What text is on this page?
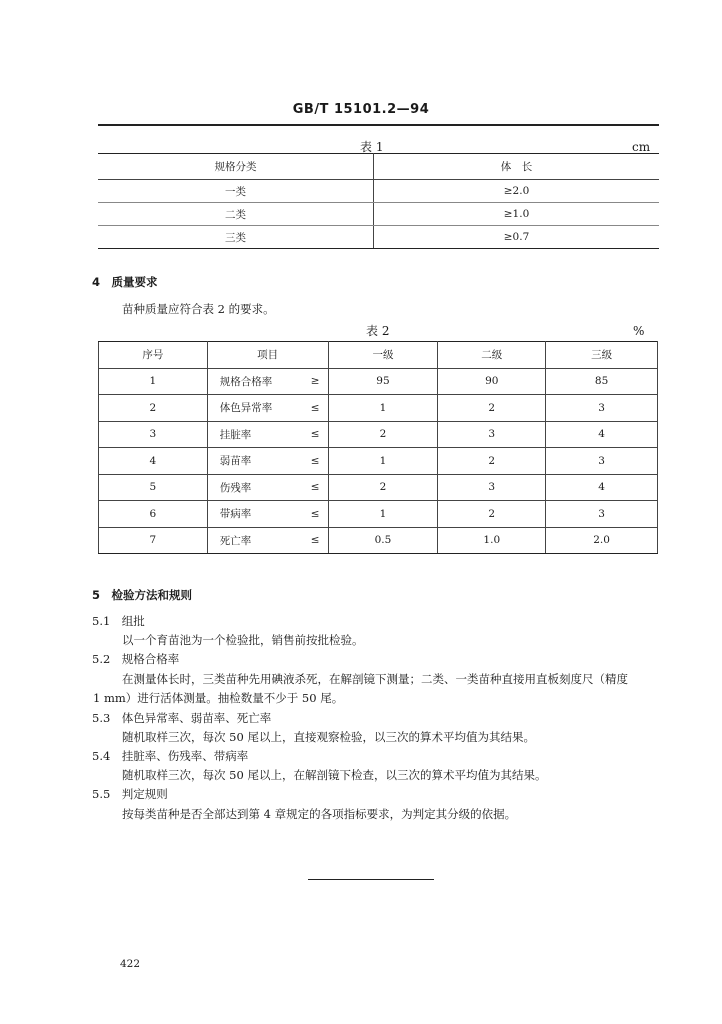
GB/T 15101.2—94
表 1	cm
规格分类	体　长
一类	≥2.0
二类	≥1.0
三类	≥0.7
4　质量要求
苗种质量应符合表 2 的要求。
表 2	%
序号	项目		一级	二级	三级
1	规格合格率	≥	95	90	85
2	体色异常率	≤	1	2	3
3	挂脏率	≤	2	3	4
4	弱苗率	≤	1	2	3
5	伤残率	≤	2	3	4
6	带病率	≤	1	2	3
7	死亡率	≤	0.5	1.0	2.0
5　检验方法和规则
5.1　组批
以一个育苗池为一个检验批，销售前按批检验。
5.2　规格合格率
在测量体长时，三类苗种先用碘液杀死，在解剖镜下测量；二类、一类苗种直接用直板刻度尺（精度
1 mm）进行活体测量。抽检数量不少于 50 尾。
5.3　体色异常率、弱苗率、死亡率
随机取样三次，每次 50 尾以上，直接观察检验，以三次的算术平均值为其结果。
5.4　挂脏率、伤残率、带病率
随机取样三次，每次 50 尾以上，在解剖镜下检查，以三次的算术平均值为其结果。
5.5　判定规则
按每类苗种是否全部达到第 4 章规定的各项指标要求，为判定其分级的依据。
422
